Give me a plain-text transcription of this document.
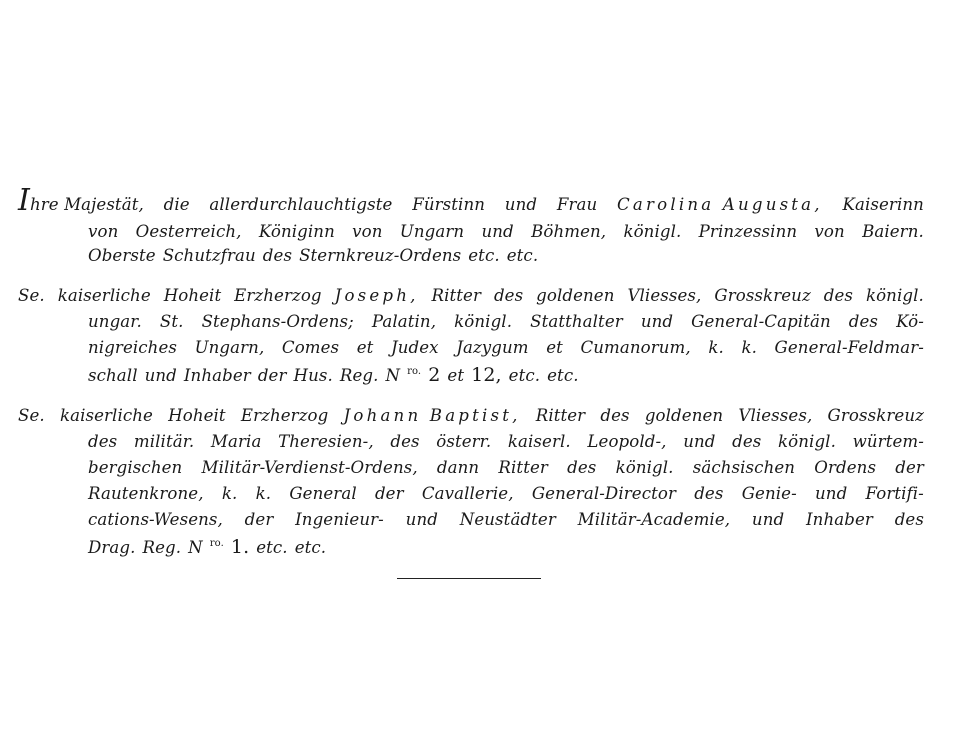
Ihre Majestät, die allerdurchlauchtigste Fürstinn und Frau Carolina Augusta, Kaiserinn
von Oesterreich, Königinn von Ungarn und Böhmen, königl. Prinzessinn von Baiern.
Oberste Schutzfrau des Sternkreuz-Ordens etc. etc.
Se. kaiserliche Hoheit Erzherzog Joseph, Ritter des goldenen Vliesses, Grosskreuz des königl.
ungar. St. Stephans-Ordens; Palatin, königl. Statthalter und General-Capitän des Kö-
nigreiches Ungarn, Comes et Judex Jazygum et Cumanorum, k. k. General-Feldmar-
schall und Inhaber der Hus. Reg. N $^{ro.}$ 2 et 12, etc. etc.
Se. kaiserliche Hoheit Erzherzog Johann Baptist, Ritter des goldenen Vliesses, Grosskreuz
des militär. Maria Theresien-, des österr. kaiserl. Leopold-, und des königl. würtem-
bergischen Militär-Verdienst-Ordens, dann Ritter des königl. sächsischen Ordens der
Rautenkrone, k. k. General der Cavallerie, General-Director des Genie- und Fortifi-
cations-Wesens, der Ingenieur- und Neustädter Militär-Academie, und Inhaber des
Drag. Reg. N $^{ro.}$ 1. etc. etc.
